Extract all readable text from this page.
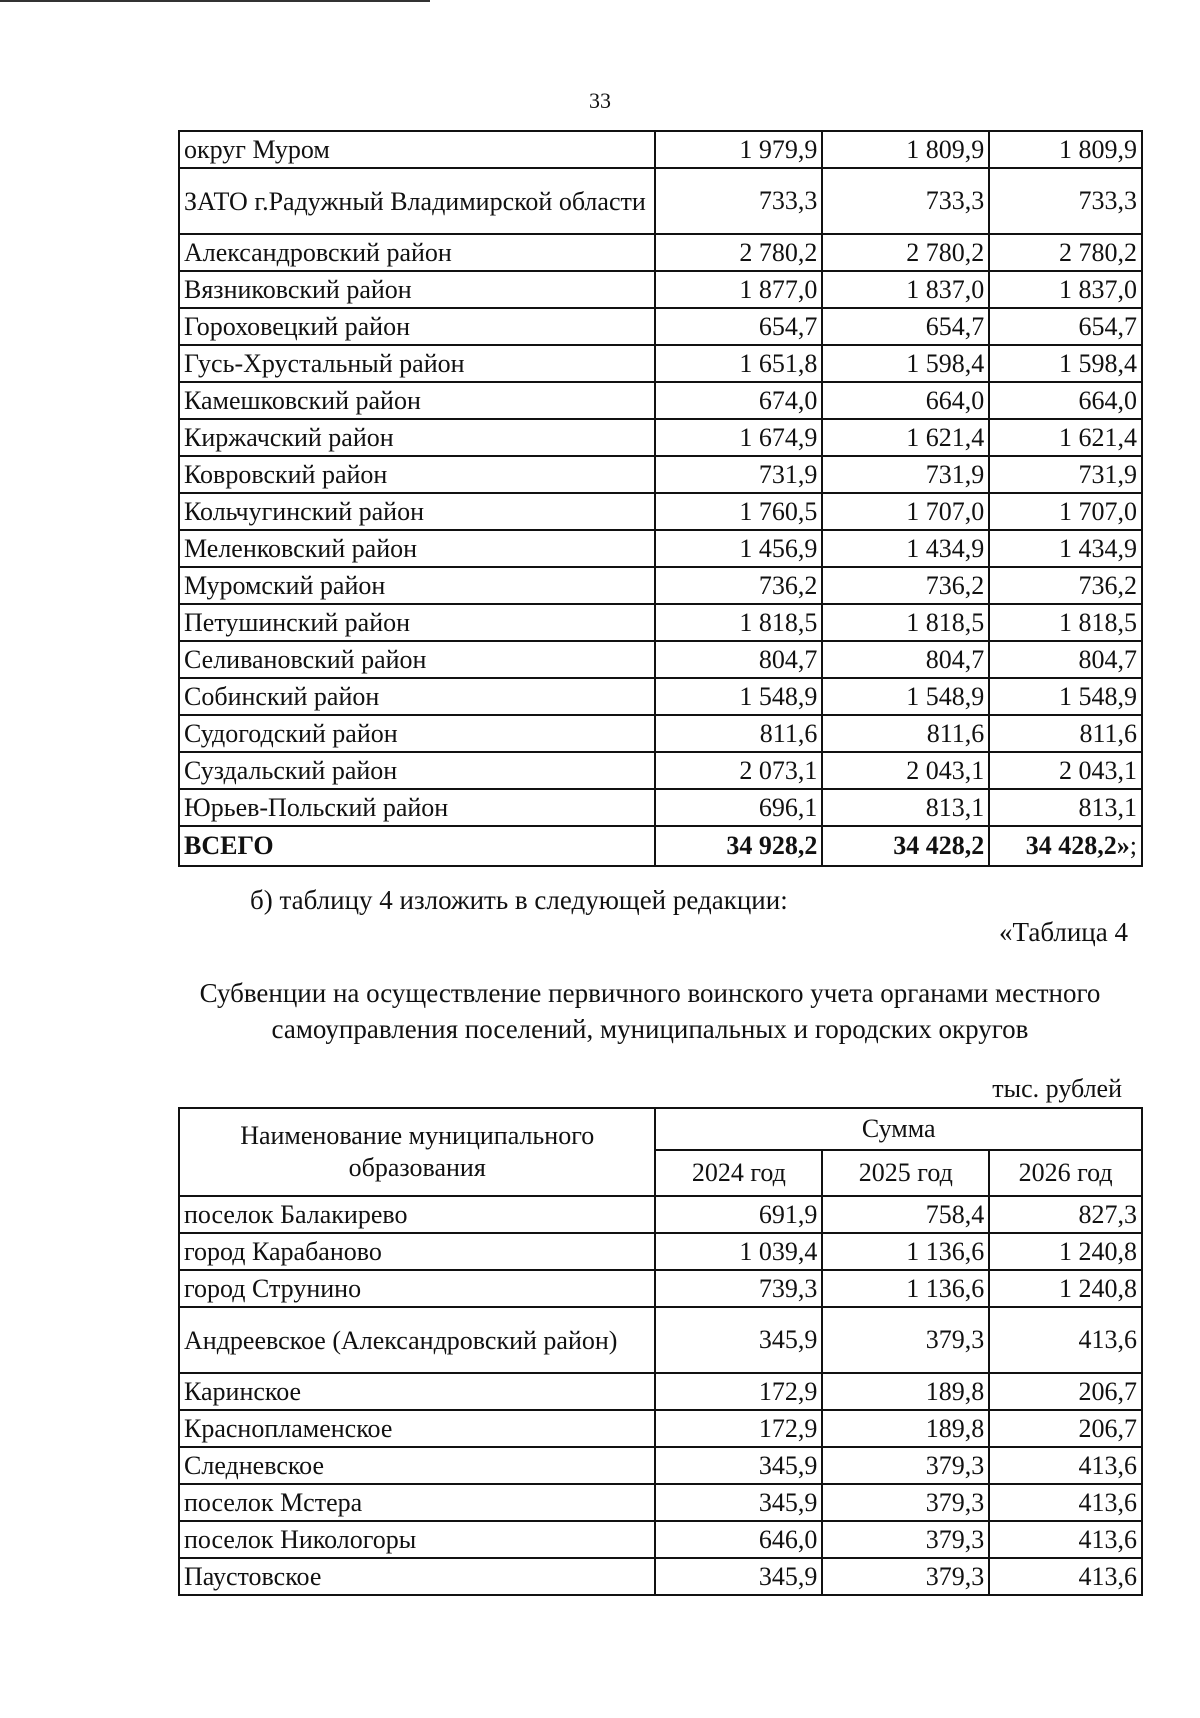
33
округ Муром	1 979,9	1 809,9	1 809,9
ЗАТО г.Радужный Владимирской области	733,3	733,3	733,3
Александровский район	2 780,2	2 780,2	2 780,2
Вязниковский район	1 877,0	1 837,0	1 837,0
Гороховецкий район	654,7	654,7	654,7
Гусь-Хрустальный район	1 651,8	1 598,4	1 598,4
Камешковский район	674,0	664,0	664,0
Киржачский район	1 674,9	1 621,4	1 621,4
Ковровский район	731,9	731,9	731,9
Кольчугинский район	1 760,5	1 707,0	1 707,0
Меленковский район	1 456,9	1 434,9	1 434,9
Муромский район	736,2	736,2	736,2
Петушинский район	1 818,5	1 818,5	1 818,5
Селивановский район	804,7	804,7	804,7
Собинский район	1 548,9	1 548,9	1 548,9
Судогодский район	811,6	811,6	811,6
Суздальский район	2 073,1	2 043,1	2 043,1
Юрьев-Польский район	696,1	813,1	813,1
ВСЕГО	34 928,2	34 428,2	34 428,2»;
б) таблицу 4 изложить в следующей редакции:
«Таблица 4
Субвенции на осуществление первичного воинского учета органами местного
самоуправления поселений, муниципальных и городских округов
тыс. рублей
Наименование муниципального образования	Сумма		
	2024 год	2025 год	2026 год
поселок Балакирево	691,9	758,4	827,3
город Карабаново	1 039,4	1 136,6	1 240,8
город Струнино	739,3	1 136,6	1 240,8
Андреевское (Александровский район)	345,9	379,3	413,6
Каринское	172,9	189,8	206,7
Краснопламенское	172,9	189,8	206,7
Следневское	345,9	379,3	413,6
поселок Мстера	345,9	379,3	413,6
поселок Никологоры	646,0	379,3	413,6
Паустовское	345,9	379,3	413,6
